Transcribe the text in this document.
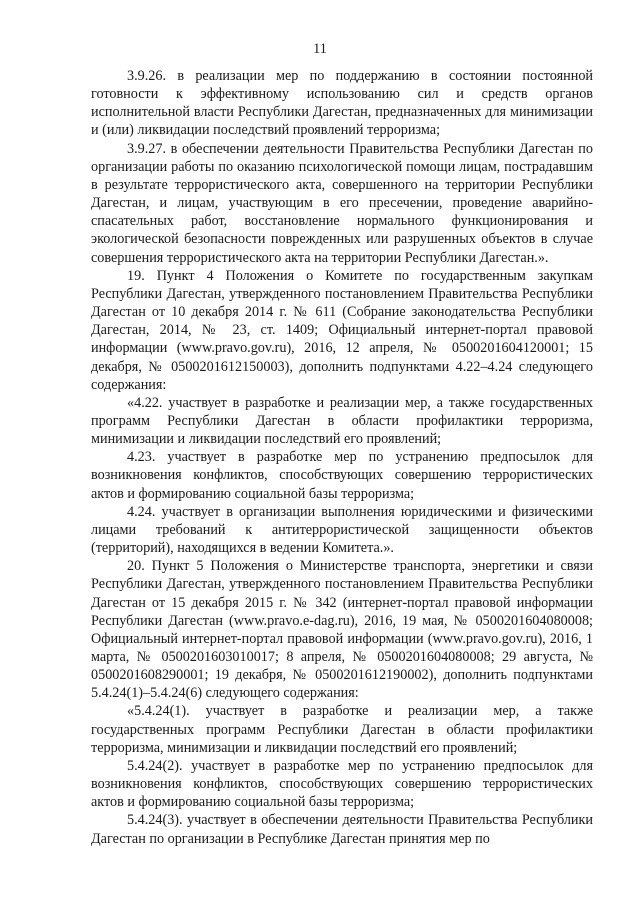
11

3.9.26. в реализации мер по поддержанию в состоянии постоянной готовности к эффективному использованию сил и средств органов исполнительной власти Республики Дагестан, предназначенных для минимизации и (или) ликвидации последствий проявлений терроризма;

3.9.27. в обеспечении деятельности Правительства Республики Дагестан по организации работы по оказанию психологической помощи лицам, пострадавшим в результате террористического акта, совершенного на территории Республики Дагестан, и лицам, участвующим в его пресечении, проведение аварийно-спасательных работ, восстановление нормального функционирования и экологической безопасности поврежденных или разрушенных объектов в случае совершения террористического акта на территории Республики Дагестан.».

19. Пункт 4 Положения о Комитете по государственным закупкам Республики Дагестан, утвержденного постановлением Правительства Республики Дагестан от 10 декабря 2014 г. № 611 (Собрание законодательства Республики Дагестан, 2014, № 23, ст. 1409; Официальный интернет-портал правовой информации (www.pravo.gov.ru), 2016, 12 апреля, № 0500201604120001; 15 декабря, № 0500201612150003), дополнить подпунктами 4.22–4.24 следующего содержания:

«4.22. участвует в разработке и реализации мер, а также государственных программ Республики Дагестан в области профилактики терроризма, минимизации и ликвидации последствий его проявлений;

4.23. участвует в разработке мер по устранению предпосылок для возникновения конфликтов, способствующих совершению террористических актов и формированию социальной базы терроризма;

4.24. участвует в организации выполнения юридическими и физическими лицами требований к антитеррористической защищенности объектов (территорий), находящихся в ведении Комитета.».

20. Пункт 5 Положения о Министерстве транспорта, энергетики и связи Республики Дагестан, утвержденного постановлением Правительства Республики Дагестан от 15 декабря 2015 г. № 342 (интернет-портал правовой информации Республики Дагестан (www.pravo.e-dag.ru), 2016, 19 мая, № 0500201604080008; Официальный интернет-портал правовой информации (www.pravo.gov.ru), 2016, 1 марта, № 0500201603010017; 8 апреля, № 0500201604080008; 29 августа, № 0500201608290001; 19 декабря, № 0500201612190002), дополнить подпунктами 5.4.24(1)–5.4.24(6) следующего содержания:

«5.4.24(1). участвует в разработке и реализации мер, а также государственных программ Республики Дагестан в области профилактики терроризма, минимизации и ликвидации последствий его проявлений;

5.4.24(2). участвует в разработке мер по устранению предпосылок для возникновения конфликтов, способствующих совершению террористических актов и формированию социальной базы терроризма;

5.4.24(3). участвует в обеспечении деятельности Правительства Республики Дагестан по организации в Республике Дагестан принятия мер по
